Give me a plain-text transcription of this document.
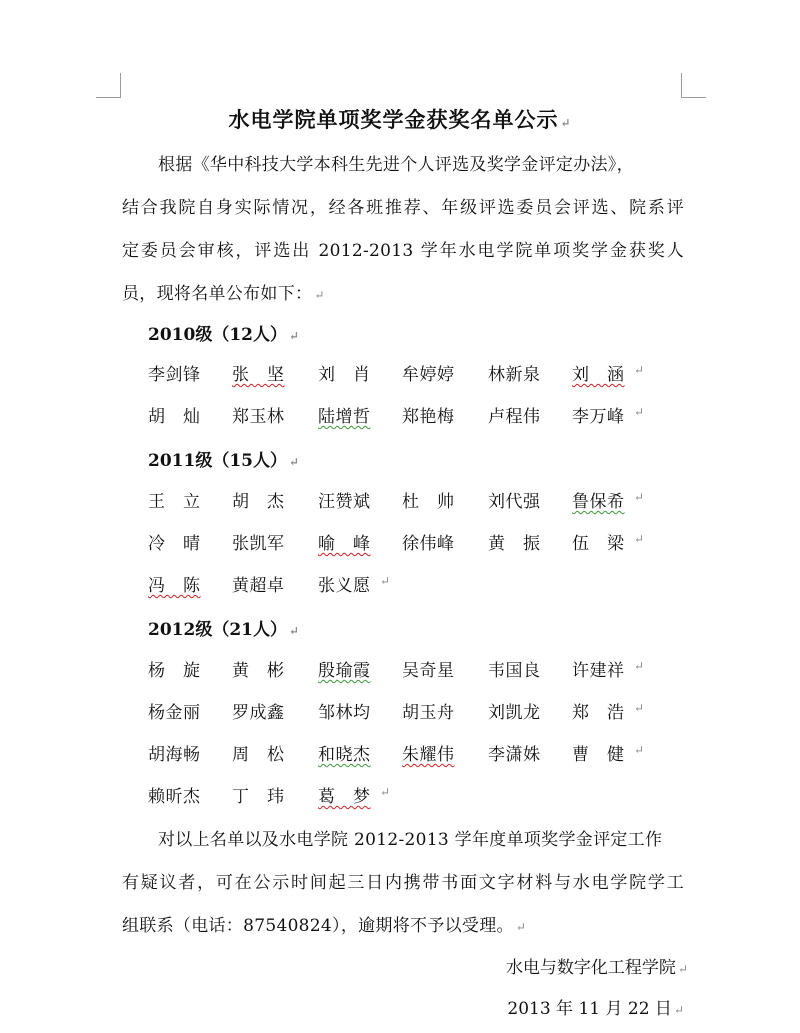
水电学院单项奖学金获奖名单公示 ↵
根据《华中科技大学本科生先进个人评选及奖学金评定办法》，
结合我院自身实际情况，经各班推荐、年级评选委员会评选、院系评
定委员会审核，评选出 2012-2013 学年水电学院单项奖学金获奖人
员，现将名单公布如下： ↵
2010级（12人） ↵
李剑锋 张　坚 刘　肖 牟婷婷 林新泉 刘　涵 ↵
胡　灿 郑玉林 陆增哲 郑艳梅 卢程伟 李万峰 ↵
2011级（15人） ↵
王　立 胡　杰 汪赞斌 杜　帅 刘代强 鲁保希 ↵
冷　晴 张凯军 喻　峰 徐伟峰 黄　振 伍　梁 ↵
冯　陈 黄超卓 张义愿 ↵
2012级（21人） ↵
杨　旋 黄　彬 殷瑜霞 吴奇星 韦国良 许建祥 ↵
杨金丽 罗成鑫 邹林均 胡玉舟 刘凯龙 郑　浩 ↵
胡海畅 周　松 和晓杰 朱耀伟 李潇姝 曹　健 ↵
赖昕杰 丁　玮 葛　梦 ↵
对以上名单以及水电学院 2012-2013 学年度单项奖学金评定工作
有疑议者，可在公示时间起三日内携带书面文字材料与水电学院学工
组联系（电话：87540824），逾期将不予以受理。 ↵
水电与数字化工程学院 ↵
2013 年 11 月 22 日 ↵
